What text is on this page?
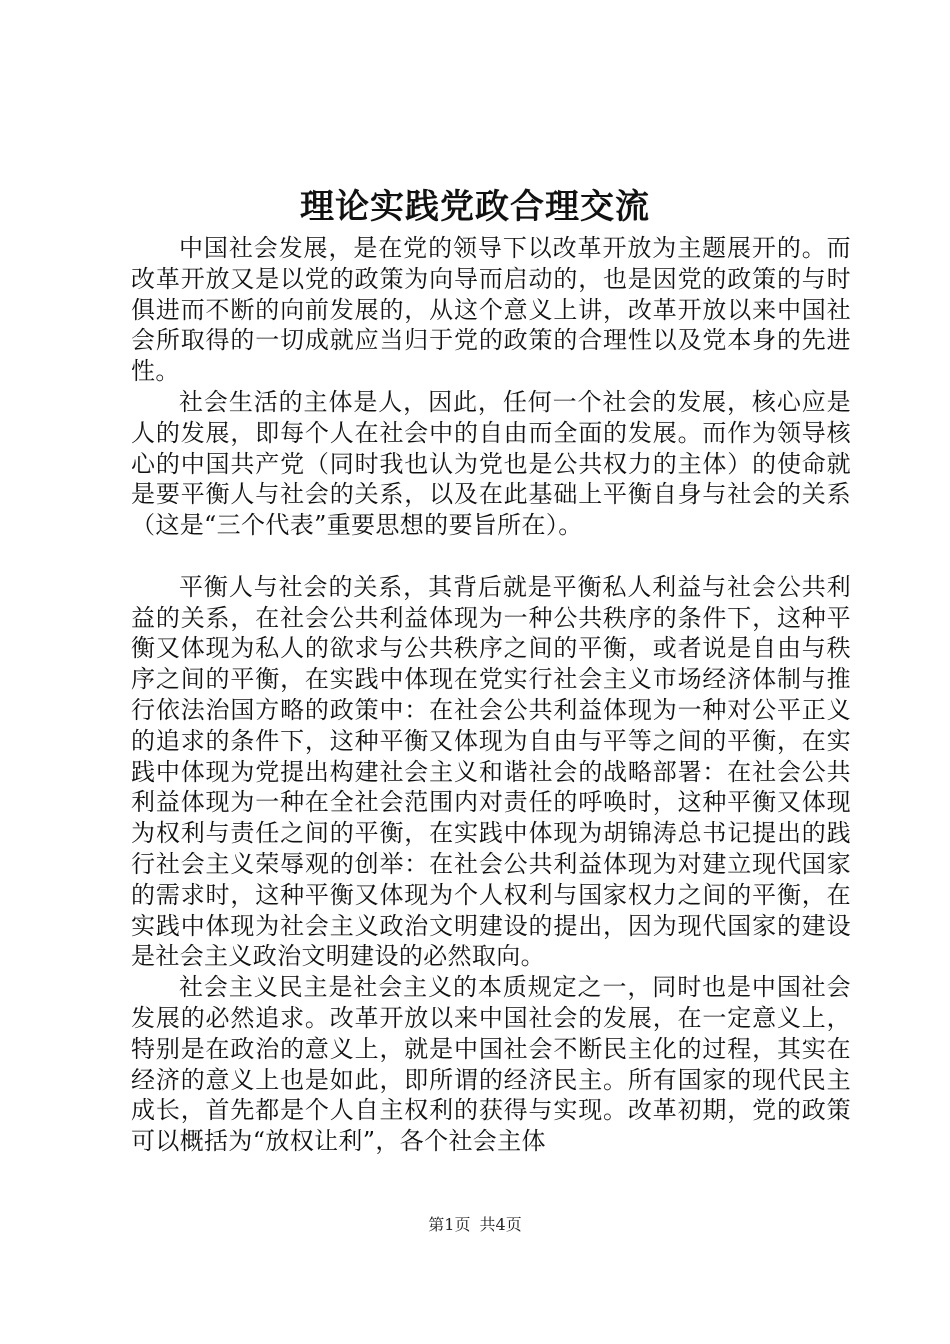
理论实践党政合理交流

中国社会发展，是在党的领导下以改革开放为主题展开的。而改革开放又是以党的政策为向导而启动的，也是因党的政策的与时俱进而不断的向前发展的，从这个意义上讲，改革开放以来中国社会所取得的一切成就应当归于党的政策的合理性以及党本身的先进性。

社会生活的主体是人，因此，任何一个社会的发展，核心应是人的发展，即每个人在社会中的自由而全面的发展。而作为领导核心的中国共产党（同时我也认为党也是公共权力的主体）的使命就是要平衡人与社会的关系，以及在此基础上平衡自身与社会的关系（这是“三个代表”重要思想的要旨所在）。

平衡人与社会的关系，其背后就是平衡私人利益与社会公共利益的关系，在社会公共利益体现为一种公共秩序的条件下，这种平衡又体现为私人的欲求与公共秩序之间的平衡，或者说是自由与秩序之间的平衡，在实践中体现在党实行社会主义市场经济体制与推行依法治国方略的政策中：在社会公共利益体现为一种对公平正义的追求的条件下，这种平衡又体现为自由与平等之间的平衡，在实践中体现为党提出构建社会主义和谐社会的战略部署：在社会公共利益体现为一种在全社会范围内对责任的呼唤时，这种平衡又体现为权利与责任之间的平衡，在实践中体现为胡锦涛总书记提出的践行社会主义荣辱观的创举：在社会公共利益体现为对建立现代国家的需求时，这种平衡又体现为个人权利与国家权力之间的平衡，在实践中体现为社会主义政治文明建设的提出，因为现代国家的建设是社会主义政治文明建设的必然取向。

社会主义民主是社会主义的本质规定之一，同时也是中国社会发展的必然追求。改革开放以来中国社会的发展，在一定意义上，特别是在政治的意义上，就是中国社会不断民主化的过程，其实在经济的意义上也是如此，即所谓的经济民主。所有国家的现代民主成长，首先都是个人自主权利的获得与实现。改革初期，党的政策可以概括为“放权让利”，各个社会主体

第1页 共4页
